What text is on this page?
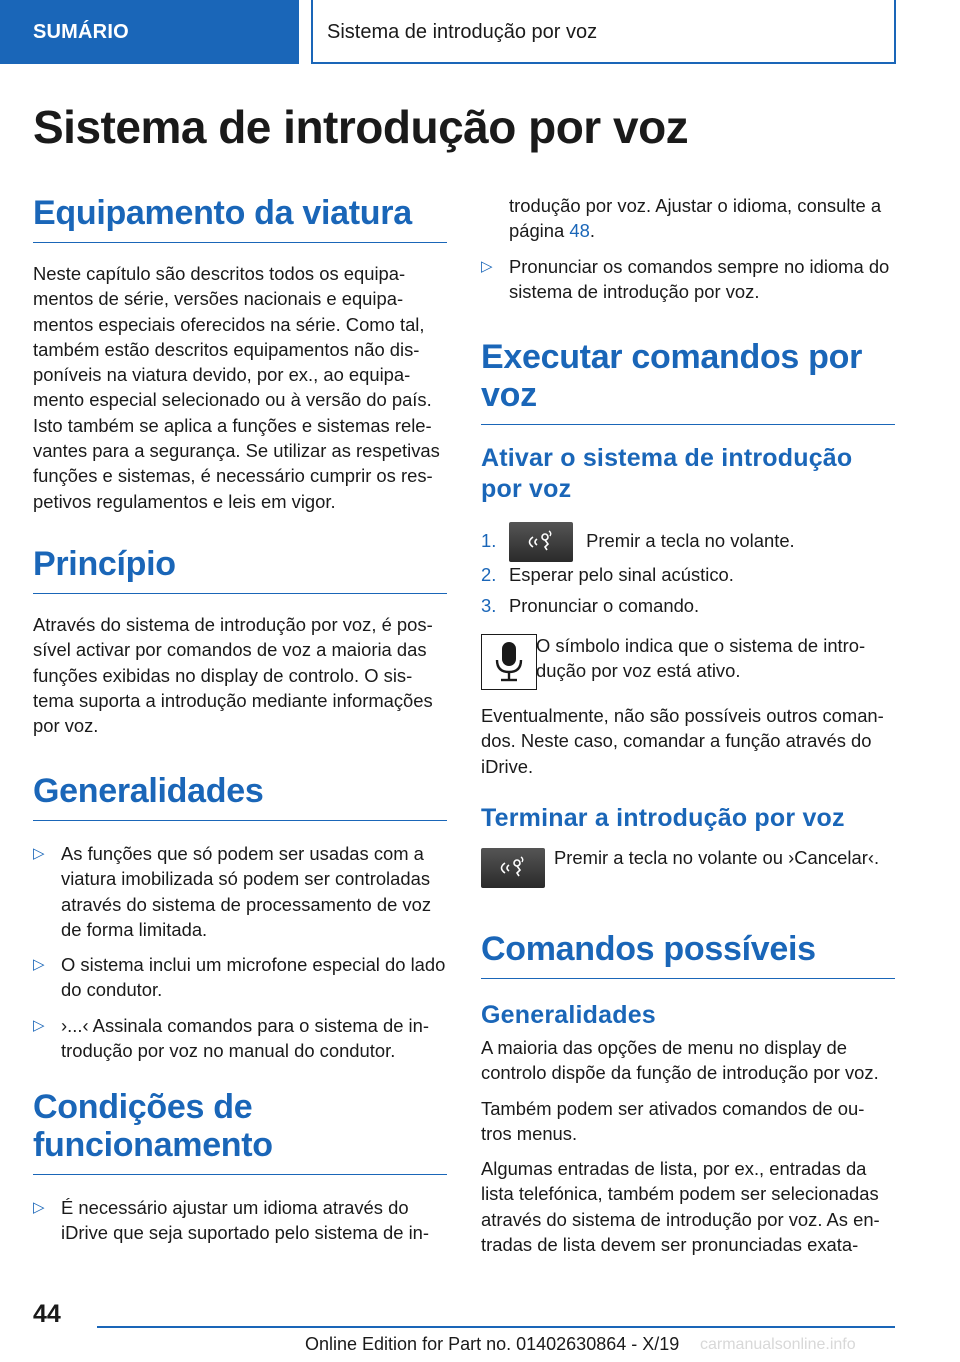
SUMÁRIO	Sistema de introdução por voz
Sistema de introdução por voz
Equipamento da viatura

Neste capítulo são descritos todos os equipa‐ mentos de série, versões nacionais e equipa‐ mentos especiais oferecidos na série. Como tal, também estão descritos equipamentos não dis‐ poníveis na viatura devido, por ex., ao equipa‐ mento especial selecionado ou à versão do país. Isto também se aplica a funções e sistemas rele‐ vantes para a segurança. Se utilizar as respetivas funções e sistemas, é necessário cumprir os res‐ petivos regulamentos e leis em vigor.

Princípio

Através do sistema de introdução por voz, é pos‐ sível activar por comandos de voz a maioria das funções exibidas no display de controlo. O sis‐ tema suporta a introdução mediante informações por voz.

Generalidades
▷ As funções que só podem ser usadas com a viatura imobilizada só podem ser controladas através do sistema de processamento de voz de forma limitada.
▷ O sistema inclui um microfone especial do lado do condutor.
▷ ›...‹ Assinala comandos para o sistema de in‐ trodução por voz no manual do condutor.
Condições de funcionamento
▷ É necessário ajustar um idioma através do iDrive que seja suportado pelo sistema de in‐

trodução por voz. Ajustar o idioma, consulte a página 48.

▷ Pronunciar os comandos sempre no idioma do sistema de introdução por voz.
Executar comandos por voz
Ativar o sistema de introdução por voz
1.	Premir a tecla no volante.
2. Esperar pelo sinal acústico.
3. Pronunciar o comando.

O símbolo indica que o sistema de intro‐ dução por voz está ativo.

Eventualmente, não são possíveis outros coman‐ dos. Neste caso, comandar a função através do iDrive.

Terminar a introdução por voz

Premir a tecla no volante ou ›Cancelar‹.

Comandos possíveis
Generalidades

A maioria das opções de menu no display de controlo dispõe da função de introdução por voz.

Também podem ser ativados comandos de ou‐ tros menus.

Algumas entradas de lista, por ex., entradas da lista telefónica, também podem ser selecionadas através do sistema de introdução por voz. As en‐ tradas de lista devem ser pronunciadas exata‐

44
Online Edition for Part no. 01402630864 - X/19 carmanualsonline.info
